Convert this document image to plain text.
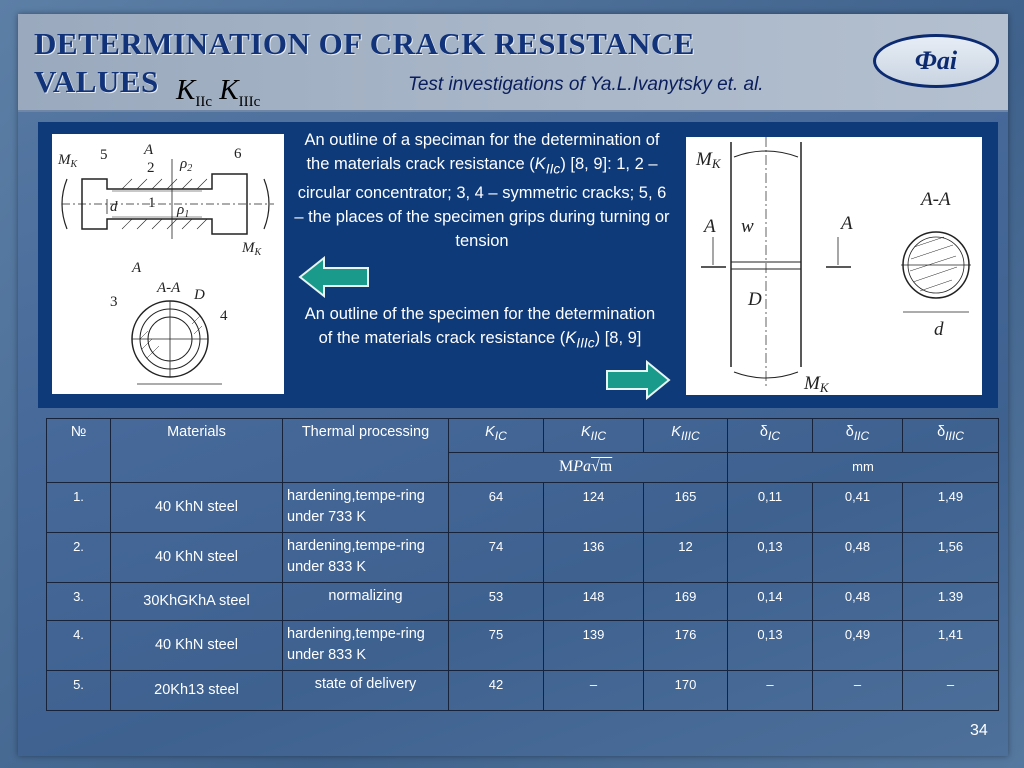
DETERMINATION OF CRACK RESISTANCE
VALUES $K_{IIc}$ $K_{IIIc}$
Test investigations of Ya.L.Ivanytsky et. al.
Фаі
$M_K$
5 A
2 $\rho_2$
6
d 1 $\rho_1$
$M_K$
A
A-A D
3
4
MK
A w	A
D
A-A
d
MK
An outline of a speciman for the determination of the materials crack resistance $(K_{IIc})$ [8, 9]: 1, 2 – circular concentrator; 3, 4 – symmetric cracks; 5, 6 – the places of the specimen grips during turning or tension
An outline of the specimen for the determination of the materials crack resistance $(K_{IIIc})$ [8, 9]
№	Materials	Thermal processing	$K_{IC}$	$K_{IIC}$	$K_{IIIC}$	$\delta_{IC}$	$\delta_{IIC}$	$\delta_{IIIC}$
			MPa√m			mm		
1.	40 KhN steel	hardening,tempe-ring under 733 K	64	124	165	0,11	0,41	1,49
2.	40 KhN steel	hardening,tempe-ring under 833 K	74	136	12	0,13	0,48	1,56
3.	30KhGKhA steel	normalizing	53	148	169	0,14	0,48	1.39
4.	40 KhN steel	hardening,tempe-ring under 833 K	75	139	176	0,13	0,49	1,41
5.	20Kh13 steel	state of delivery	42	–	170	–	–	–
34
